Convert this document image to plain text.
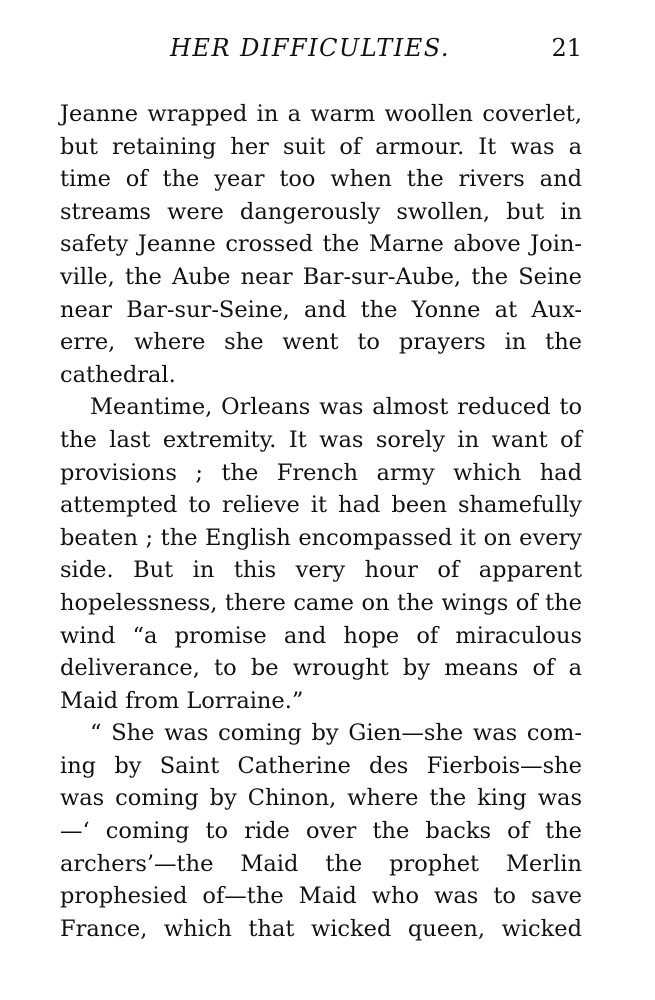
HER DIFFICULTIES.	21
Jeanne wrapped in a warm woollen coverlet,
but retaining her suit of armour. It was a
time of the year too when the rivers and
streams were dangerously swollen, but in
safety Jeanne crossed the Marne above Join-
ville, the Aube near Bar-sur-Aube, the Seine
near Bar-sur-Seine, and the Yonne at Aux-
erre, where she went to prayers in the
cathedral.
Meantime, Orleans was almost reduced to
the last extremity. It was sorely in want of
provisions ; the French army which had
attempted to relieve it had been shamefully
beaten ; the English encompassed it on every
side. But in this very hour of apparent
hopelessness, there came on the wings of the
wind “a promise and hope of miraculous
deliverance, to be wrought by means of a
Maid from Lorraine.”
“ She was coming by Gien—she was com-
ing by Saint Catherine des Fierbois—she
was coming by Chinon, where the king was
—‘ coming to ride over the backs of the
archers’—the Maid the prophet Merlin
prophesied of—the Maid who was to save
France, which that wicked queen, wicked
